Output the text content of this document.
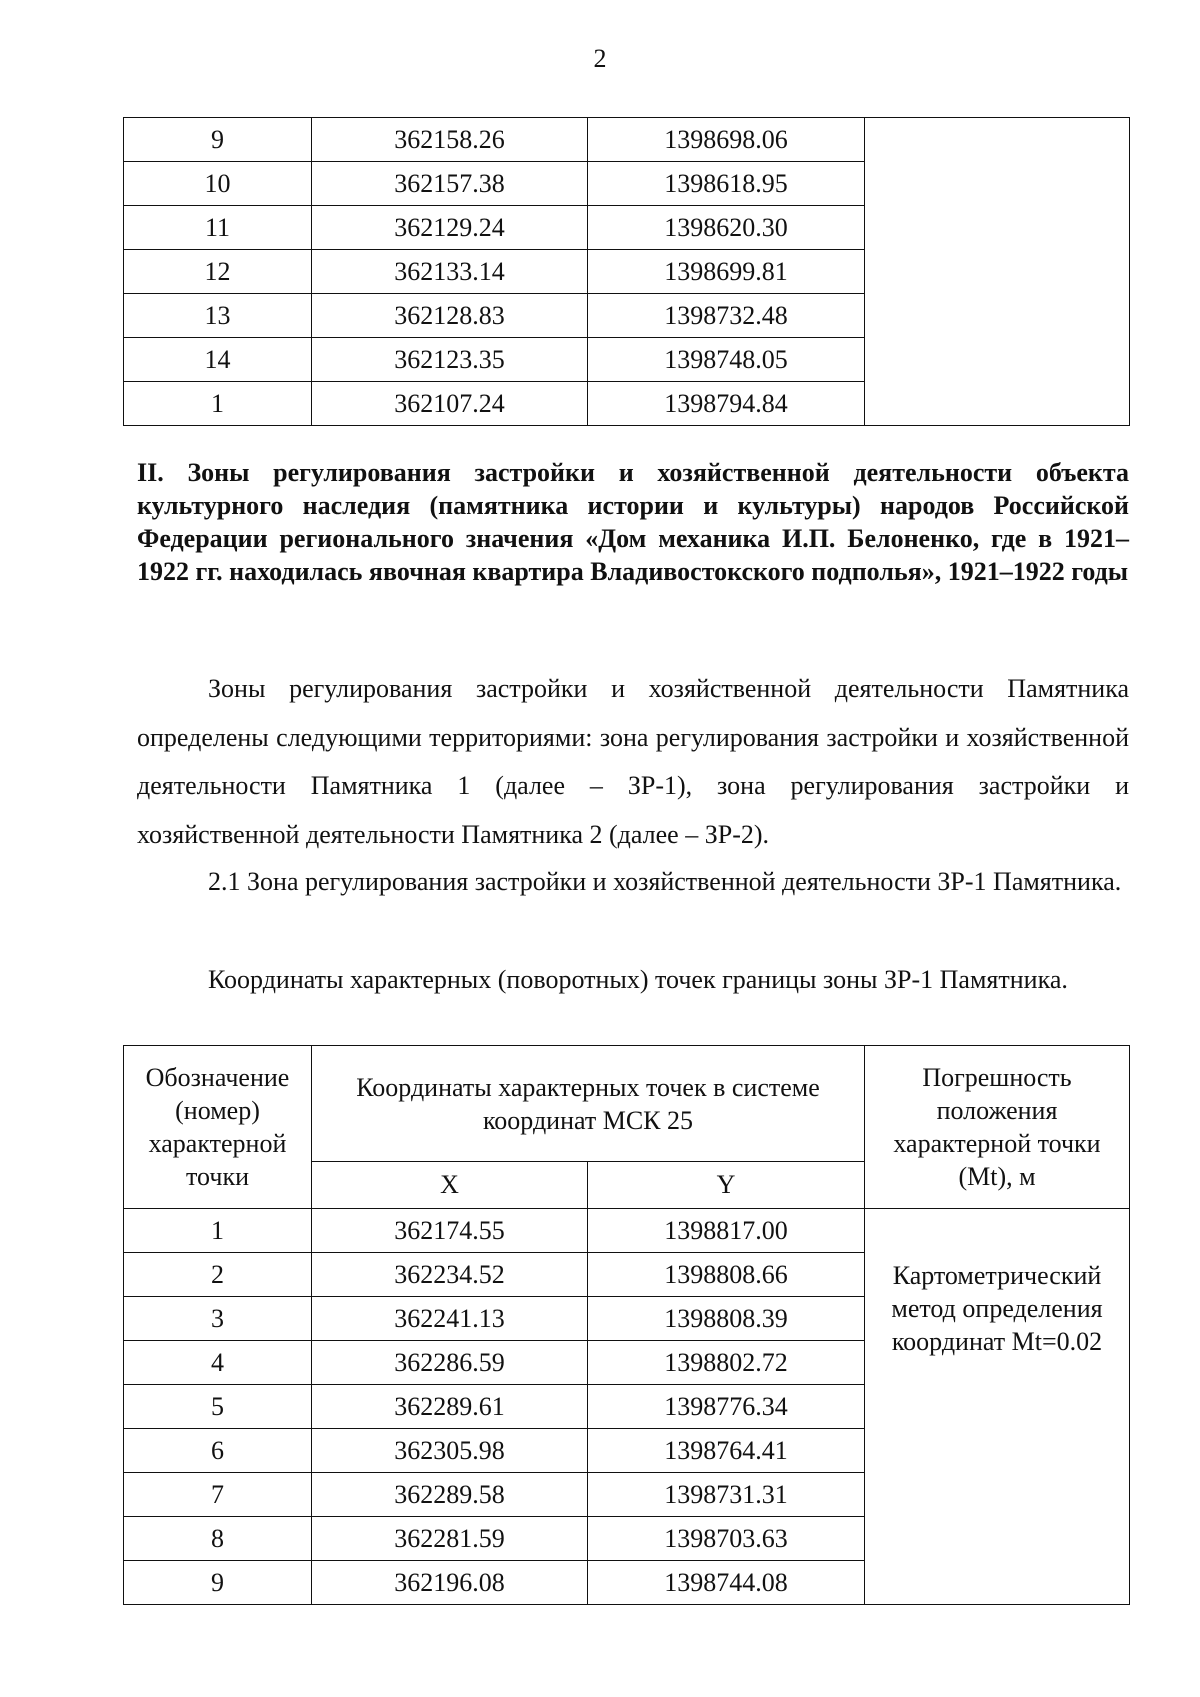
2
9	362158.26	1398698.06	
10	362157.38	1398618.95	
11	362129.24	1398620.30	
12	362133.14	1398699.81	
13	362128.83	1398732.48	
14	362123.35	1398748.05	
1	362107.24	1398794.84	
II. Зоны регулирования застройки и хозяйственной деятельности объекта культурного наследия (памятника истории и культуры) народов Российской Федерации регионального значения «Дом механика И.П. Белоненко, где в 1921–1922 гг. находилась явочная квартира Владивостокского подполья», 1921–1922 годы

Зоны регулирования застройки и хозяйственной деятельности Памятника определены следующими территориями: зона регулирования застройки и хозяйственной деятельности Памятника 1 (далее – ЗР-1), зона регулирования застройки и хозяйственной деятельности Памятника 2 (далее – ЗР-2).

2.1 Зона регулирования застройки и хозяйственной деятельности ЗР-1 Памятника.

Координаты характерных (поворотных) точек границы зоны ЗР-1 Памятника.

Обозначение (номер) характерной точки	Координаты характерных точек в системе координат МСК 25		Погрешность положения характерной точки (Mt), м
	X	Y	
1	362174.55	1398817.00	Картометрический метод определения координат Mt=0.02
2	362234.52	1398808.66	
3	362241.13	1398808.39	
4	362286.59	1398802.72	
5	362289.61	1398776.34	
6	362305.98	1398764.41	
7	362289.58	1398731.31	
8	362281.59	1398703.63	
9	362196.08	1398744.08	
